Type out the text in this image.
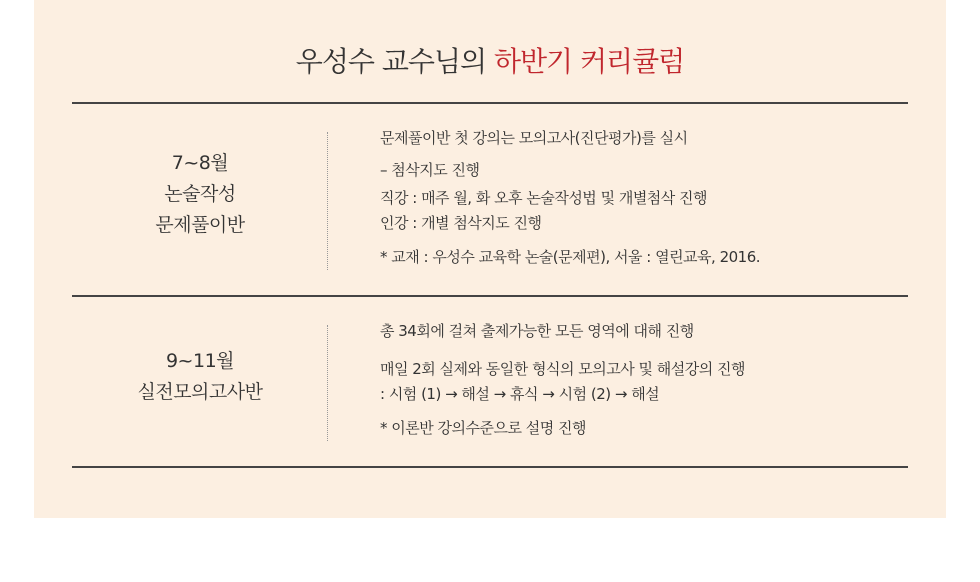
우성수 교수님의 하반기 커리큘럼
7~8월
논술작성
문제풀이반
문제풀이반 첫 강의는 모의고사(진단평가)를 실시
– 첨삭지도 진행
직강 : 매주 월, 화 오후 논술작성법 및 개별첨삭 진행
인강 : 개별 첨삭지도 진행
* 교재 : 우성수 교육학 논술(문제편), 서울 : 열린교육, 2016.
9~11월
실전모의고사반
총 34회에 걸쳐 출제가능한 모든 영역에 대해 진행
매일 2회 실제와 동일한 형식의 모의고사 및 해설강의 진행
: 시험 (1) → 해설 → 휴식 → 시험 (2) → 해설
* 이론반 강의수준으로 설명 진행
